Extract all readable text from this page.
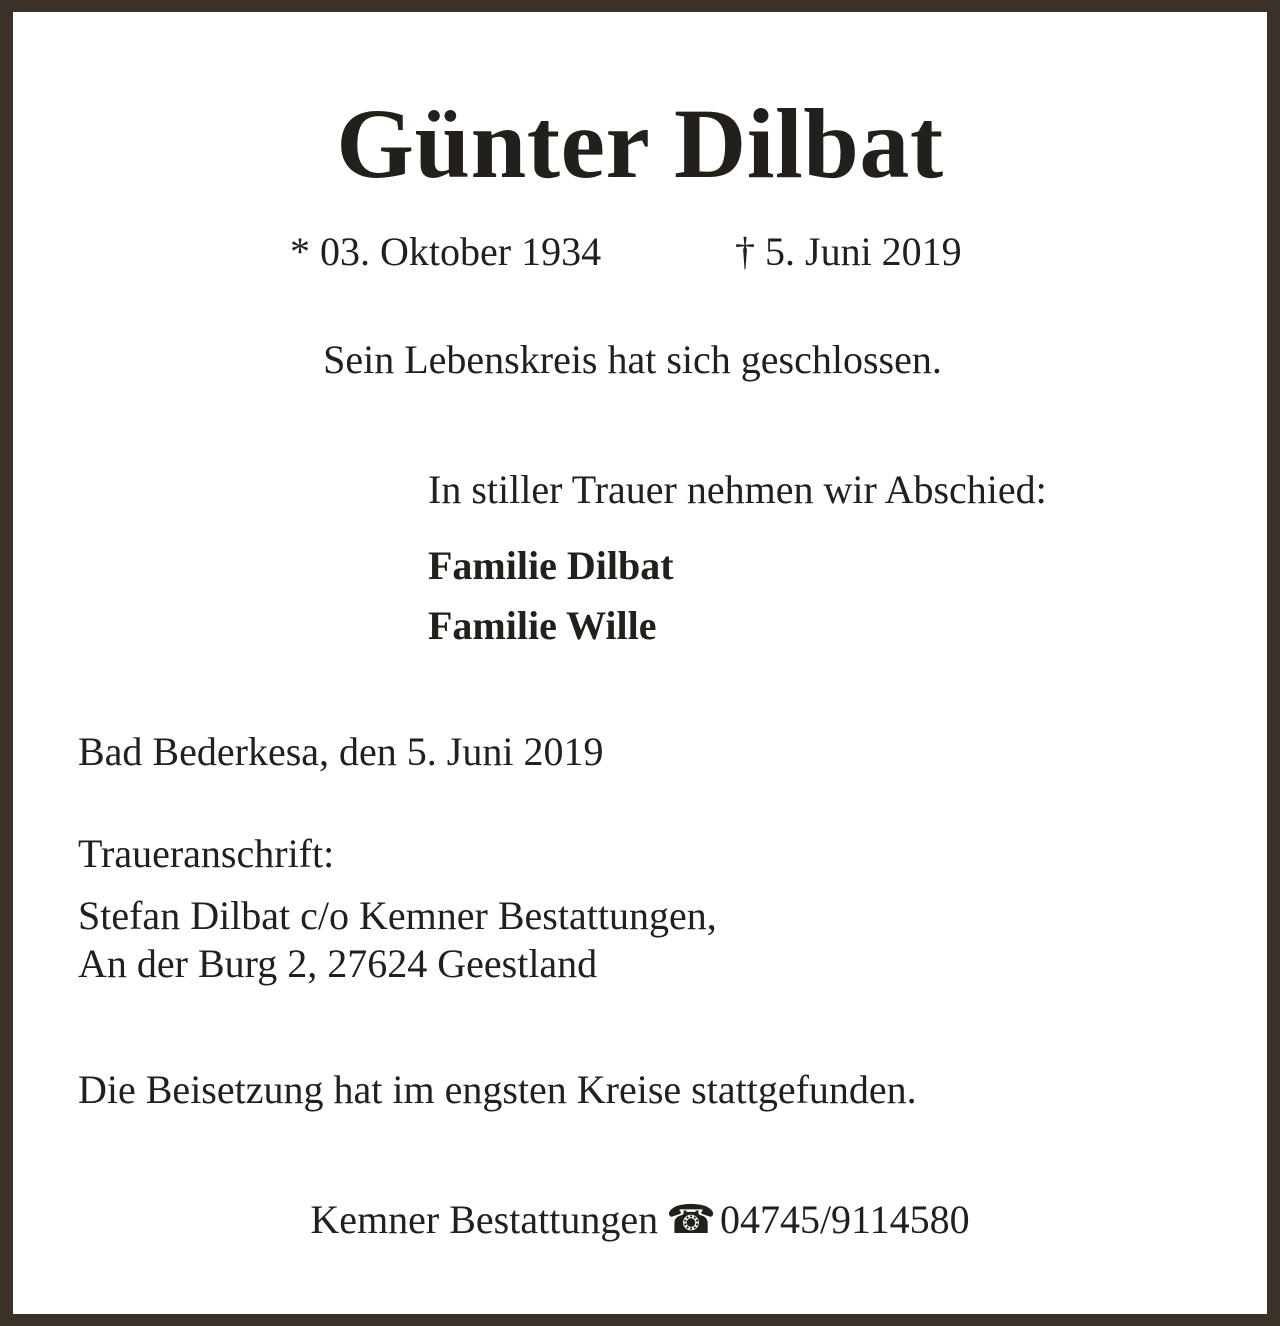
Günter Dilbat
* 03. Oktober 1934	† 5. Juni 2019
Sein Lebenskreis hat sich geschlossen.
In stiller Trauer nehmen wir Abschied:
Familie Dilbat
Familie Wille
Bad Bederkesa, den 5. Juni 2019
Traueranschrift:
Stefan Dilbat c/o Kemner Bestattungen,
An der Burg 2, 27624 Geestland
Die Beisetzung hat im engsten Kreise stattgefunden.
Kemner Bestattungen ☎ 04745/9114580
